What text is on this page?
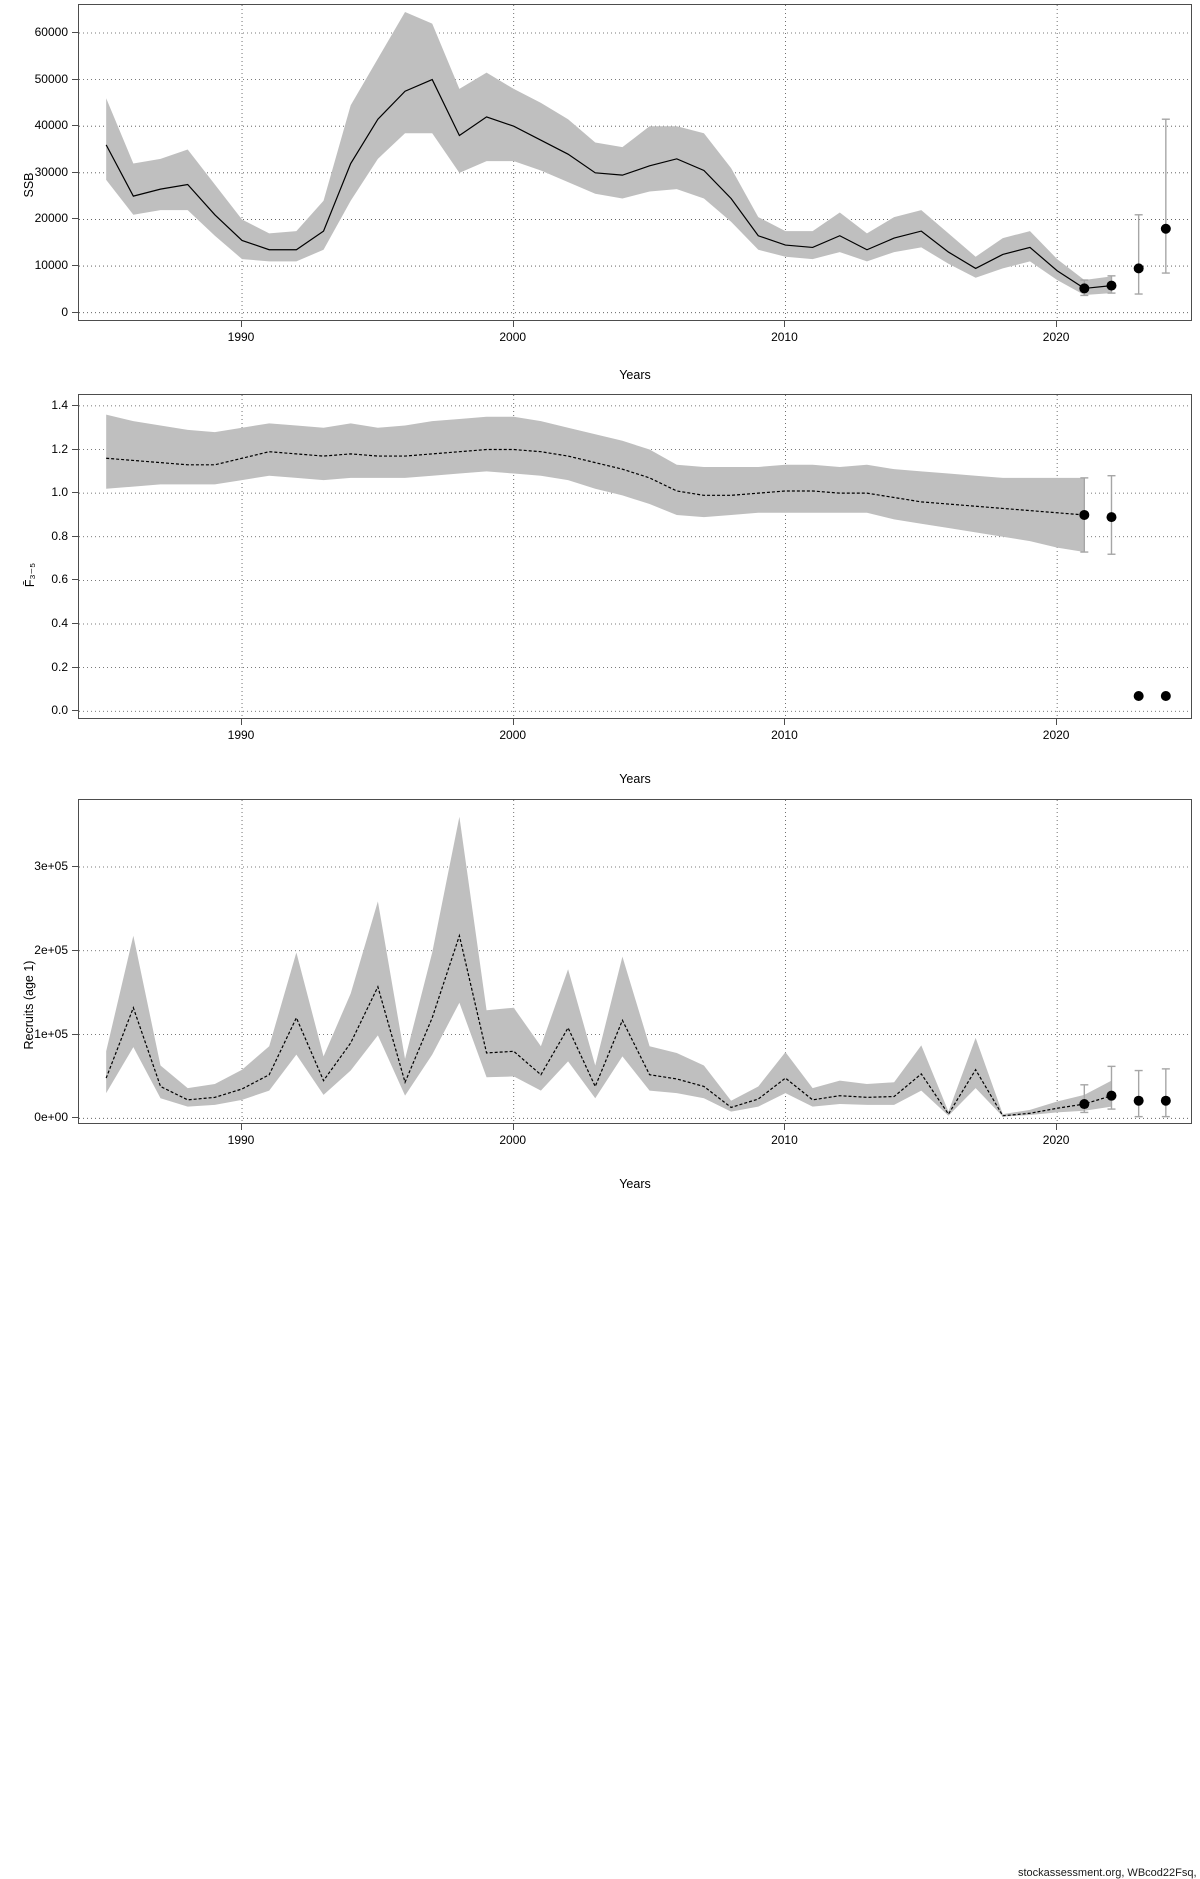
Years
SSB
1990	2000	2010	2020
0
10000
20000
30000
40000
50000
60000
Years
F̄₃₋₅
1990	2000	2010	2020
0.0
0.2
0.4
0.6
0.8
1.0
1.2
1.4
Years
Recruits (age 1)
stockassessment.org, WBcod22Fsq,
1990	2000	2010	2020
0e+00
1e+05
2e+05
3e+05
